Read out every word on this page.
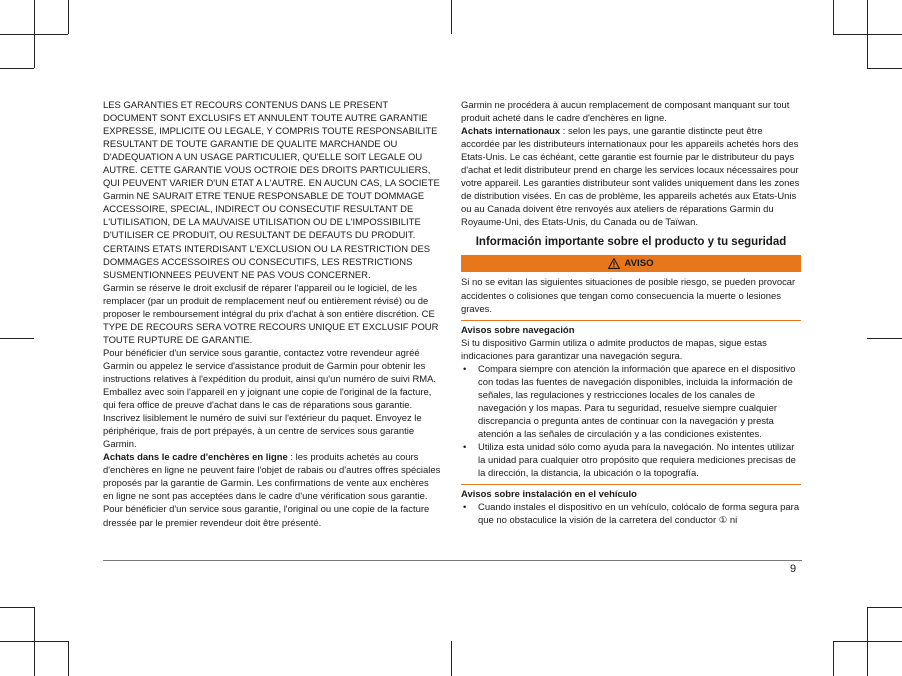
LES GARANTIES ET RECOURS CONTENUS DANS LE PRESENT DOCUMENT SONT EXCLUSIFS ET ANNULENT TOUTE AUTRE GARANTIE EXPRESSE, IMPLICITE OU LEGALE, Y COMPRIS TOUTE RESPONSABILITE RESULTANT DE TOUTE GARANTIE DE QUALITE MARCHANDE OU D'ADEQUATION A UN USAGE PARTICULIER, QU'ELLE SOIT LEGALE OU AUTRE. CETTE GARANTIE VOUS OCTROIE DES DROITS PARTICULIERS, QUI PEUVENT VARIER D'UN ETAT A L'AUTRE. EN AUCUN CAS, LA SOCIETE Garmin NE SAURAIT ETRE TENUE RESPONSABLE DE TOUT DOMMAGE ACCESSOIRE, SPECIAL, INDIRECT OU CONSECUTIF RESULTANT DE L'UTILISATION, DE LA MAUVAISE UTILISATION OU DE L'IMPOSSIBILITE D'UTILISER CE PRODUIT, OU RESULTANT DE DEFAUTS DU PRODUIT. CERTAINS ETATS INTERDISANT L'EXCLUSION OU LA RESTRICTION DES DOMMAGES ACCESSOIRES OU CONSECUTIFS, LES RESTRICTIONS SUSMENTIONNEES PEUVENT NE PAS VOUS CONCERNER.

Garmin se réserve le droit exclusif de réparer l'appareil ou le logiciel, de les remplacer (par un produit de remplacement neuf ou entièrement révisé) ou de proposer le remboursement intégral du prix d'achat à son entière discrétion. CE TYPE DE RECOURS SERA VOTRE RECOURS UNIQUE ET EXCLUSIF POUR TOUTE RUPTURE DE GARANTIE.

Pour bénéficier d'un service sous garantie, contactez votre revendeur agréé Garmin ou appelez le service d'assistance produit de Garmin pour obtenir les instructions relatives à l'expédition du produit, ainsi qu'un numéro de suivi RMA. Emballez avec soin l'appareil en y joignant une copie de l'original de la facture, qui fera office de preuve d'achat dans le cas de réparations sous garantie. Inscrivez lisiblement le numéro de suivi sur l'extérieur du paquet. Envoyez le périphérique, frais de port prépayés, à un centre de services sous garantie Garmin.

Achats dans le cadre d'enchères en ligne : les produits achetés au cours d'enchères en ligne ne peuvent faire l'objet de rabais ou d'autres offres spéciales proposés par la garantie de Garmin. Les confirmations de vente aux enchères en ligne ne sont pas acceptées dans le cadre d'une vérification sous garantie. Pour bénéficier d'un service sous garantie, l'original ou une copie de la facture dressée par le premier revendeur doit être présenté.

Garmin ne procédera à aucun remplacement de composant manquant sur tout produit acheté dans le cadre d'enchères en ligne.

Achats internationaux : selon les pays, une garantie distincte peut être accordée par les distributeurs internationaux pour les appareils achetés hors des Etats-Unis. Le cas échéant, cette garantie est fournie par le distributeur du pays d'achat et ledit distributeur prend en charge les services locaux nécessaires pour votre appareil. Les garanties distributeur sont valides uniquement dans les zones de distribution visées. En cas de problème, les appareils achetés aux Etats-Unis ou au Canada doivent être renvoyés aux ateliers de réparations Garmin du Royaume-Uni, des Etats-Unis, du Canada ou de Taïwan.

Información importante sobre el producto y tu seguridad
AVISO

Si no se evitan las siguientes situaciones de posible riesgo, se pueden provocar accidentes o colisiones que tengan como consecuencia la muerte o lesiones graves.

Avisos sobre navegación

Si tu dispositivo Garmin utiliza o admite productos de mapas, sigue estas indicaciones para garantizar una navegación segura.

• Compara siempre con atención la información que aparece en el dispositivo con todas las fuentes de navegación disponibles, incluida la información de señales, las regulaciones y restricciones locales de los canales de navegación y los mapas. Para tu seguridad, resuelve siempre cualquier discrepancia o pregunta antes de continuar con la navegación y presta atención a las señales de circulación y a las condiciones existentes.
• Utiliza esta unidad sólo como ayuda para la navegación. No intentes utilizar la unidad para cualquier otro propósito que requiera mediciones precisas de la dirección, la distancia, la ubicación o la topografía.

Avisos sobre instalación en el vehículo

• Cuando instales el dispositivo en un vehículo, colócalo de forma segura para que no obstaculice la visión de la carretera del conductor ① ni
9
